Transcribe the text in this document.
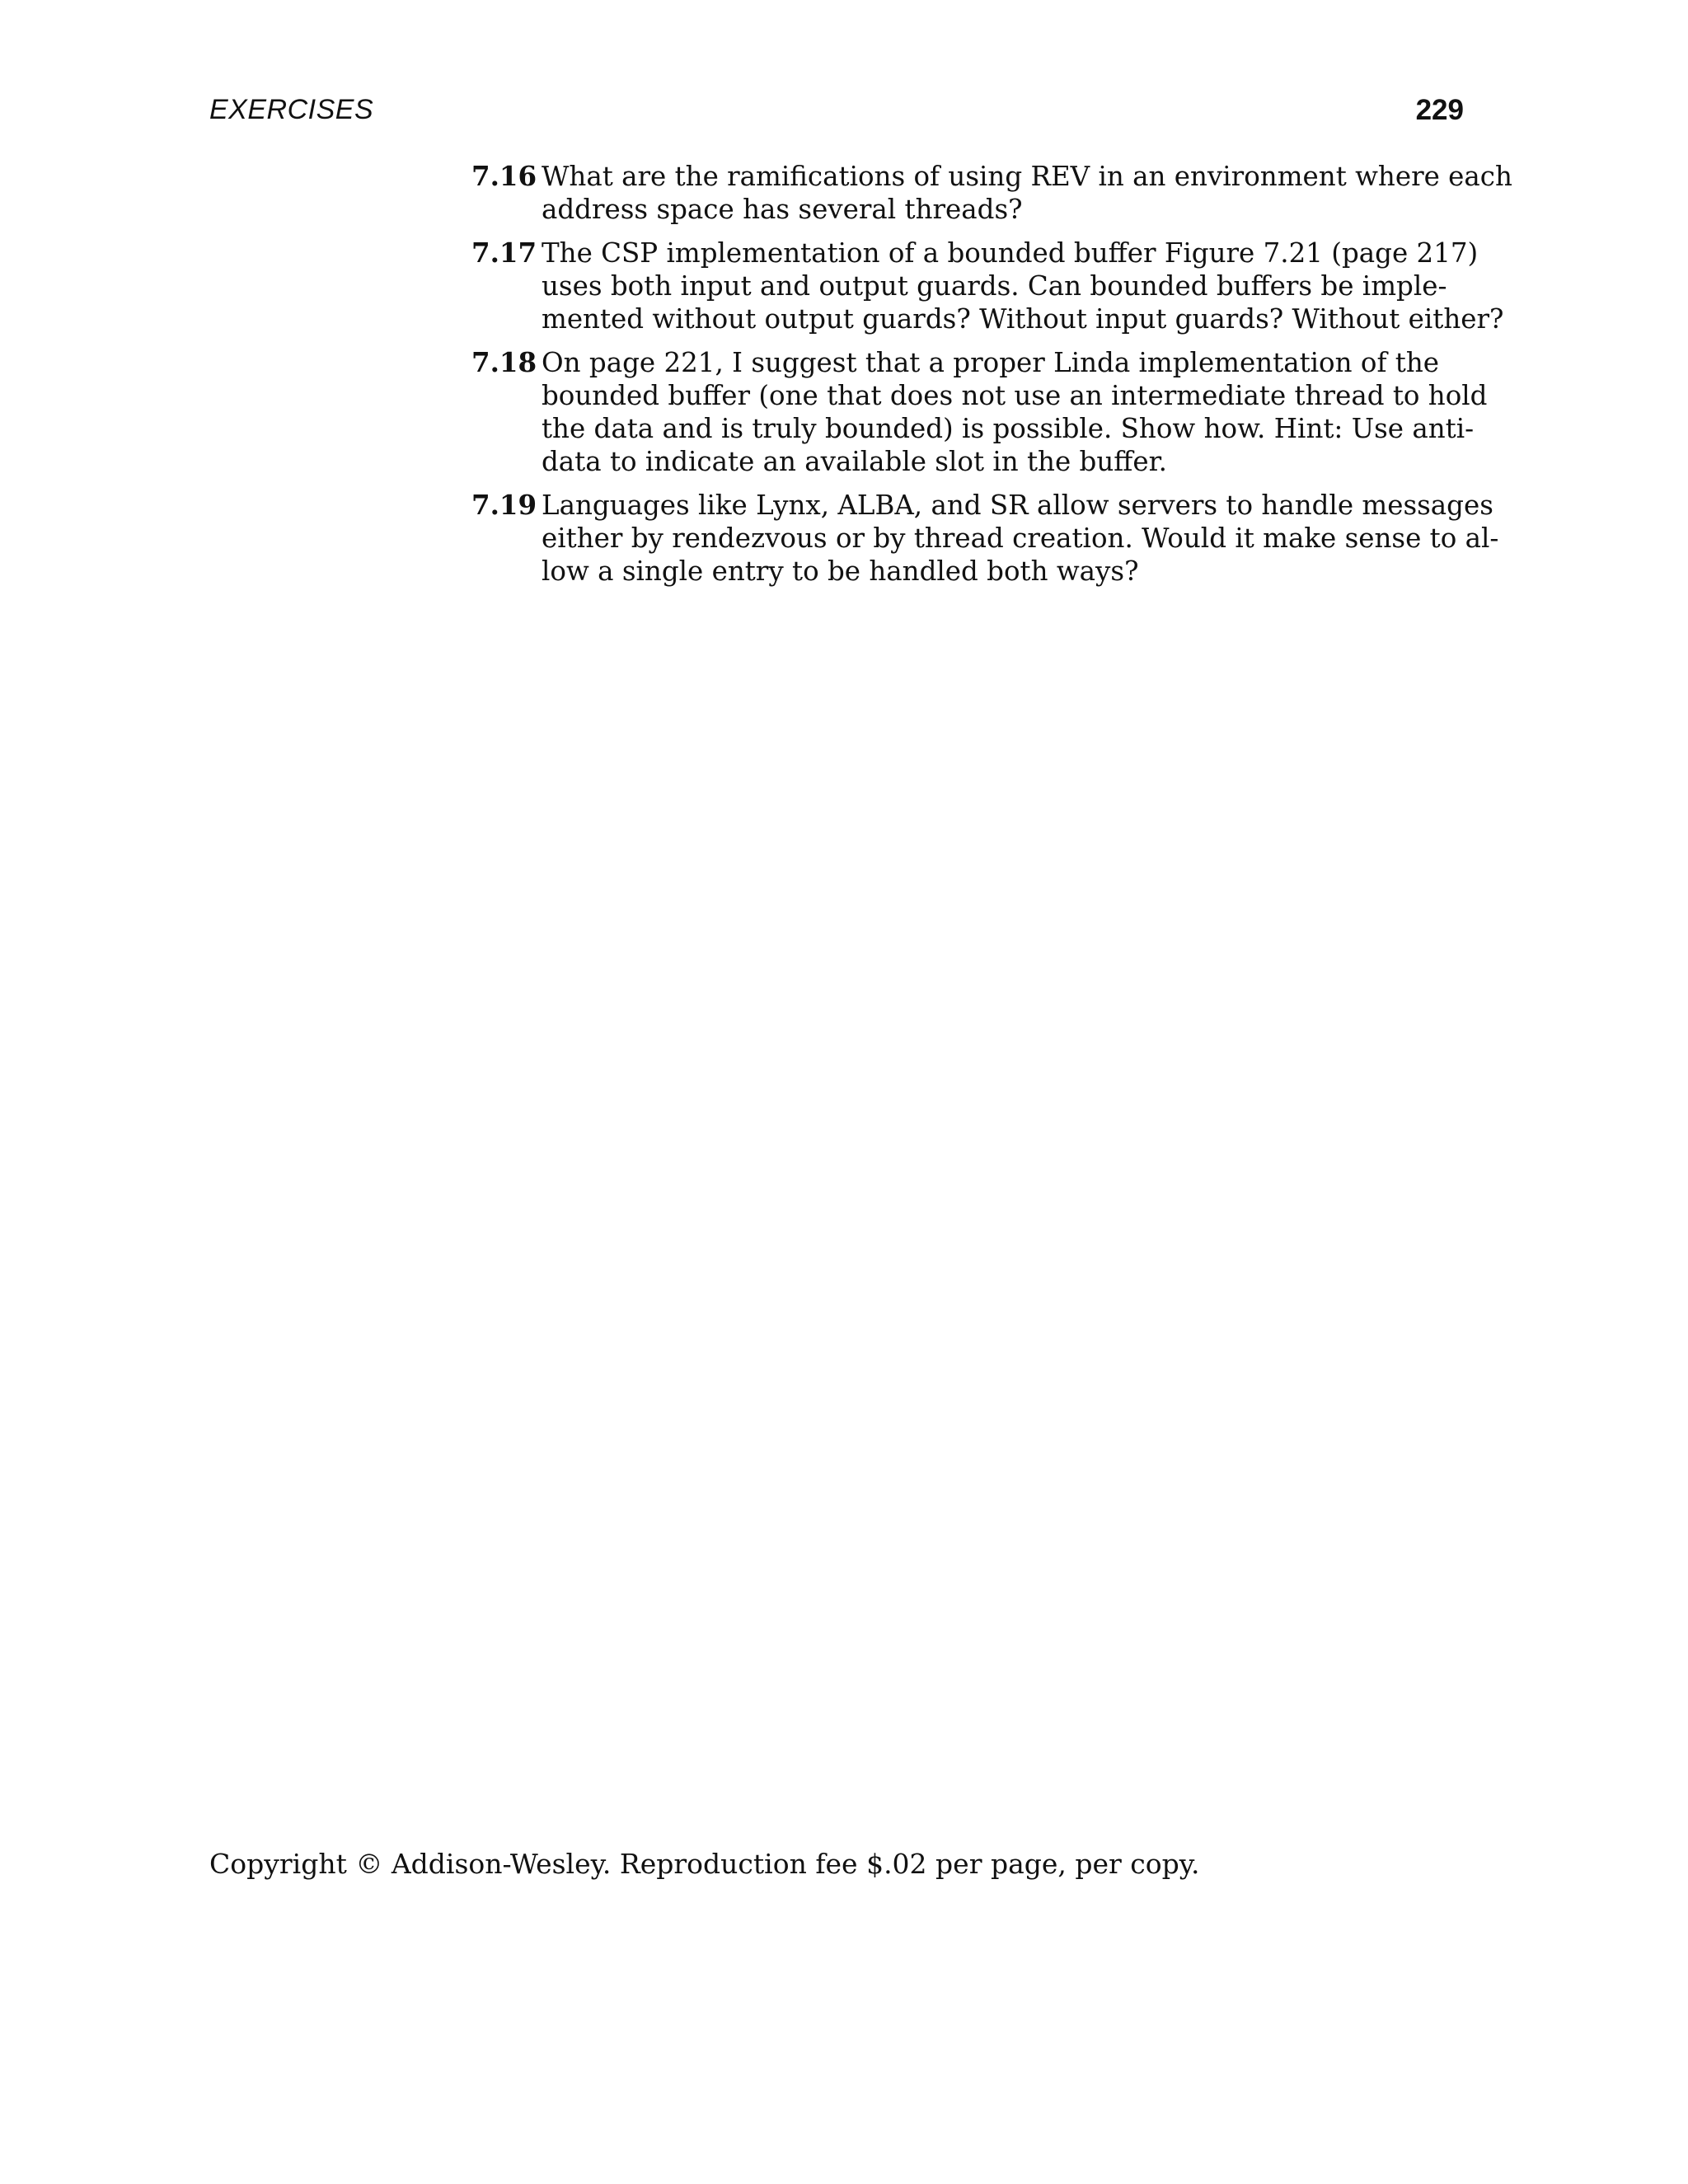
EXERCISES	229
7.16 What are the ramifications of using REV in an environment where each
address space has several threads?
7.17 The CSP implementation of a bounded buffer Figure 7.21 (page 217)
uses both input and output guards. Can bounded buffers be imple-
mented without output guards? Without input guards? Without either?
7.18 On page 221, I suggest that a proper Linda implementation of the
bounded buffer (one that does not use an intermediate thread to hold
the data and is truly bounded) is possible. Show how. Hint: Use anti-
data to indicate an available slot in the buffer.
7.19 Languages like Lynx, ALBA, and SR allow servers to handle messages
either by rendezvous or by thread creation. Would it make sense to al-
low a single entry to be handled both ways?
Copyright © Addison-Wesley. Reproduction fee $.02 per page, per copy.
